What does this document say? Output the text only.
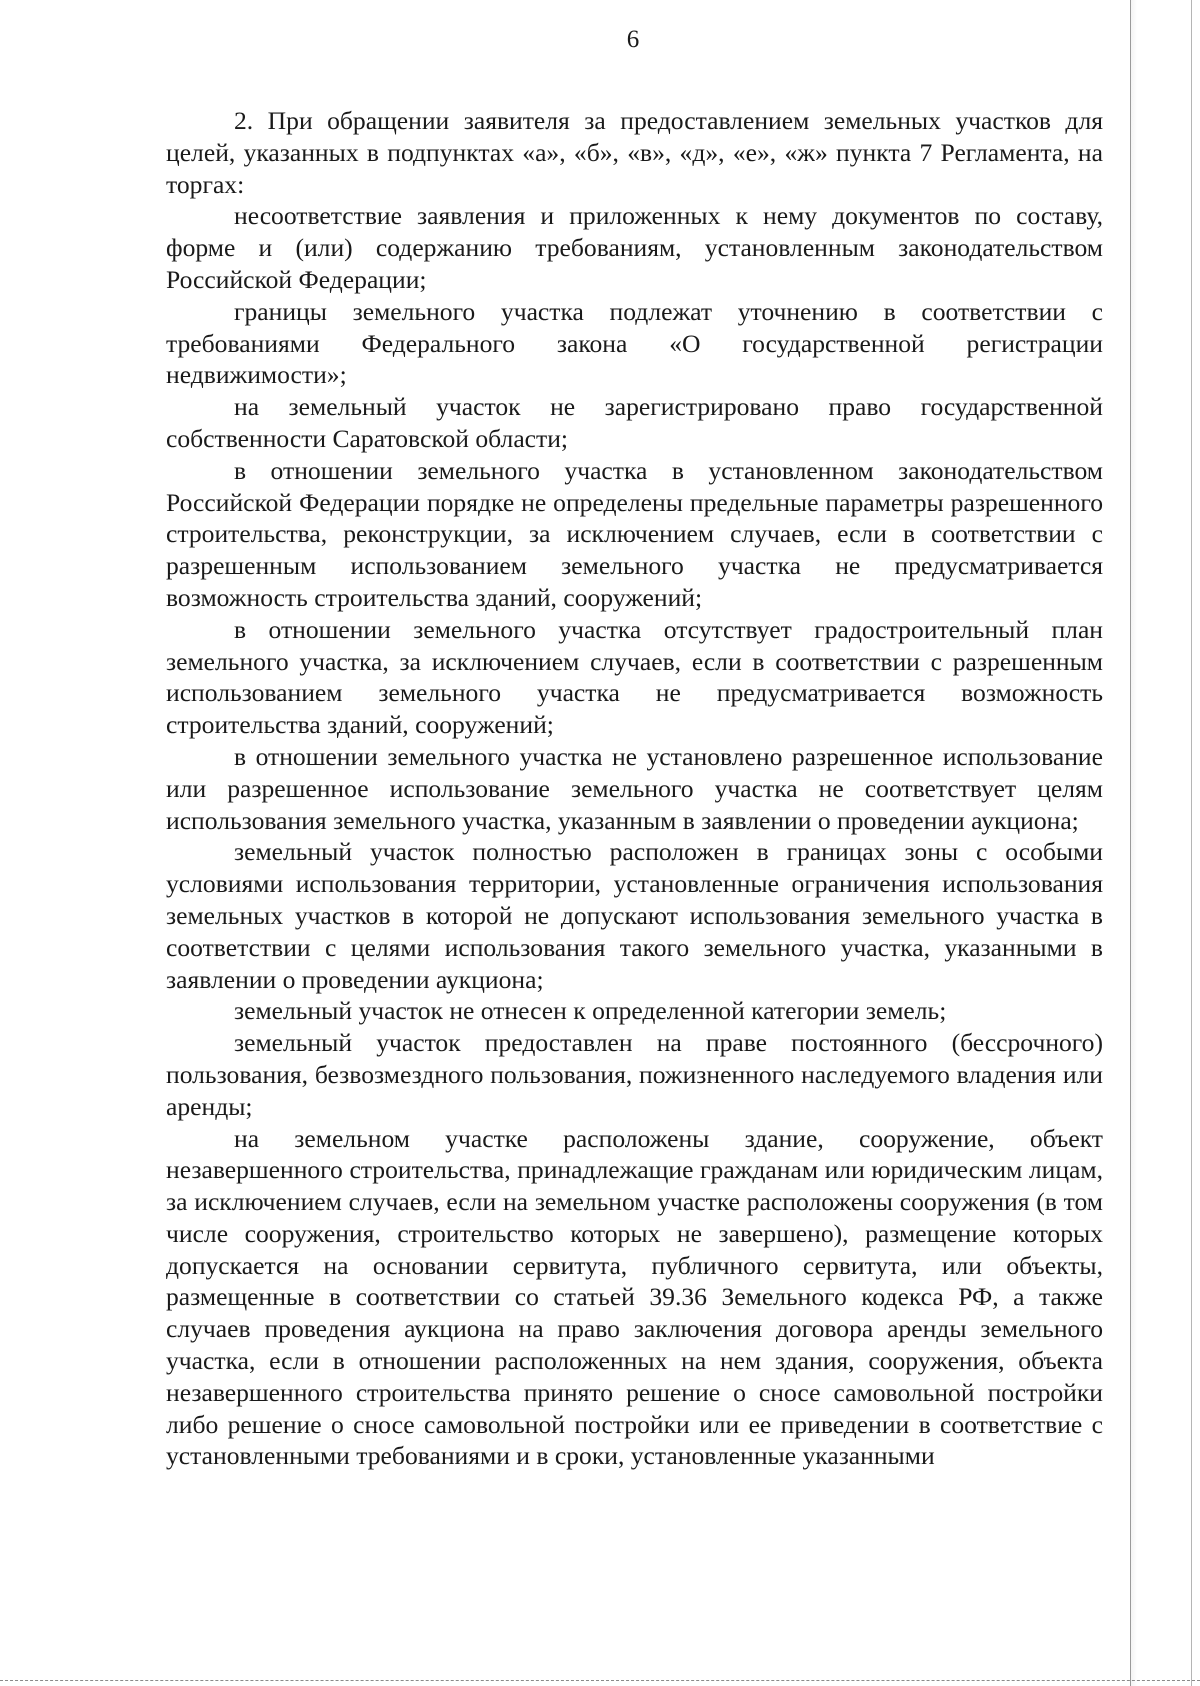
6

2. При обращении заявителя за предоставлением земельных участков для целей, указанных в подпунктах «а», «б», «в», «д», «е», «ж» пункта 7 Регламента, на торгах:

несоответствие заявления и приложенных к нему документов по составу, форме и (или) содержанию требованиям, установленным законодательством Российской Федерации;

границы земельного участка подлежат уточнению в соответствии с требованиями Федерального закона «О государственной регистрации недвижимости»;

на земельный участок не зарегистрировано право государственной собственности Саратовской области;

в отношении земельного участка в установленном законодательством Российской Федерации порядке не определены предельные параметры разрешенного строительства, реконструкции, за исключением случаев, если в соответствии с разрешенным использованием земельного участка не предусматривается возможность строительства зданий, сооружений;

в отношении земельного участка отсутствует градостроительный план земельного участка, за исключением случаев, если в соответствии с разрешенным использованием земельного участка не предусматривается возможность строительства зданий, сооружений;

в отношении земельного участка не установлено разрешенное использование или разрешенное использование земельного участка не соответствует целям использования земельного участка, указанным в заявлении о проведении аукциона;

земельный участок полностью расположен в границах зоны с особыми условиями использования территории, установленные ограничения использования земельных участков в которой не допускают использования земельного участка в соответствии с целями использования такого земельного участка, указанными в заявлении о проведении аукциона;

земельный участок не отнесен к определенной категории земель;

земельный участок предоставлен на праве постоянного (бессрочного) пользования, безвозмездного пользования, пожизненного наследуемого владения или аренды;

на земельном участке расположены здание, сооружение, объект незавершенного строительства, принадлежащие гражданам или юридическим лицам, за исключением случаев, если на земельном участке расположены сооружения (в том числе сооружения, строительство которых не завершено), размещение которых допускается на основании сервитута, публичного сервитута, или объекты, размещенные в соответствии со статьей 39.36 Земельного кодекса РФ, а также случаев проведения аукциона на право заключения договора аренды земельного участка, если в отношении расположенных на нем здания, сооружения, объекта незавершенного строительства принято решение о сносе самовольной постройки либо решение о сносе самовольной постройки или ее приведении в соответствие с установленными требованиями и в сроки, установленные указанными
